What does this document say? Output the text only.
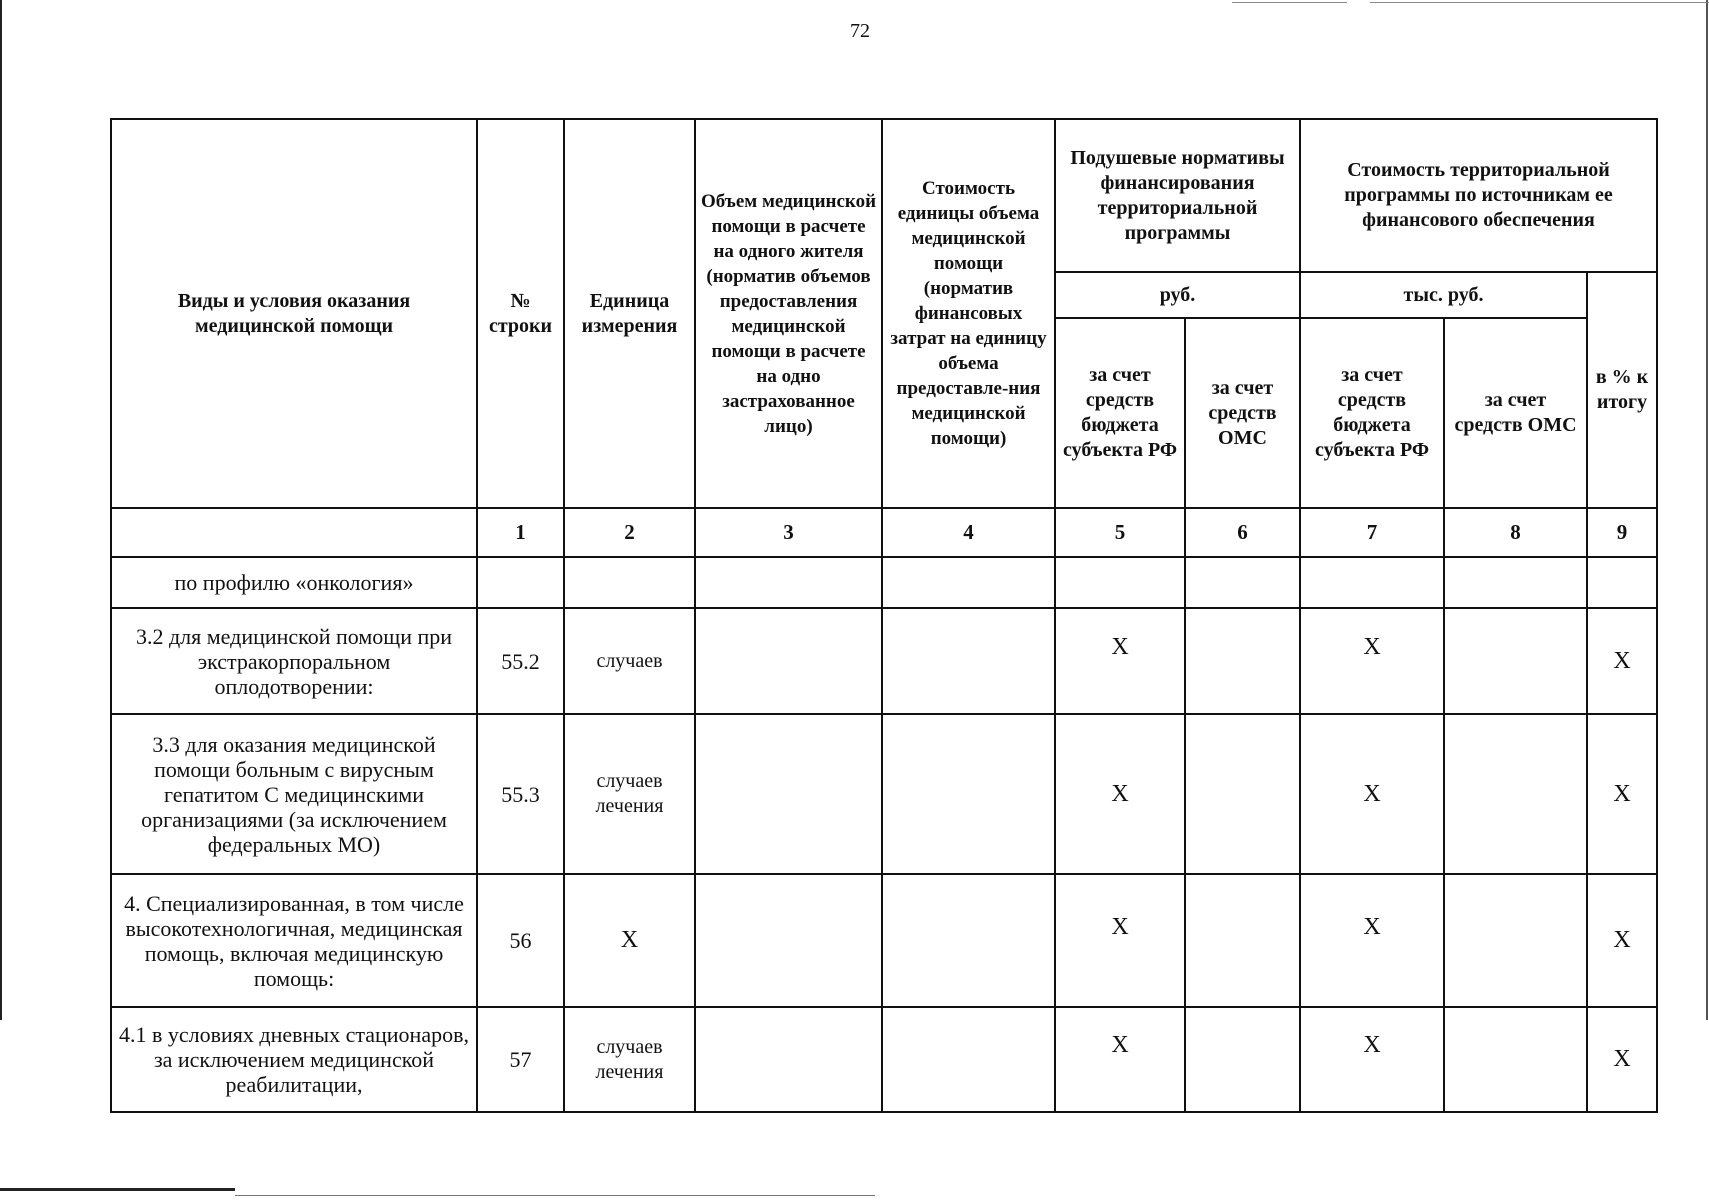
72
Виды и условия оказания медицинской помощи	№ строки	Единица измерения	Объем медицинской помощи в расчете на одного жителя (норматив объемов предоставления медицинской помощи в расчете на одно застрахованное лицо)	Стоимость единицы объема медицинской помощи (норматив финансовых затрат на единицу объема предоставле-ния медицинской помощи)	Подушевые нормативы финансирования территориальной программы		Стоимость территориальной программы по источникам ее финансового обеспечения		
					руб.		тыс. руб.		в % к итогу
					за счет средств бюджета субъекта РФ	за счет средств ОМС	за счет средств бюджета субъекта РФ	за счет средств ОМС	
	1	2	3	4	5	6	7	8	9
по профилю «онкология»									
3.2 для медицинской помощи при экстракорпоральном оплодотворении:	55.2	случаев			Х		Х		Х
3.3 для оказания медицинской помощи больным с вирусным гепатитом С медицинскими организациями (за исключением федеральных МО)	55.3	случаев лечения			Х		Х		Х
4. Специализированная, в том числе высокотехнологичная, медицинская помощь, включая медицинскую помощь:	56	Х			Х		Х		Х
4.1 в условиях дневных стационаров, за исключением медицинской реабилитации,	57	случаев лечения			Х		Х		Х
